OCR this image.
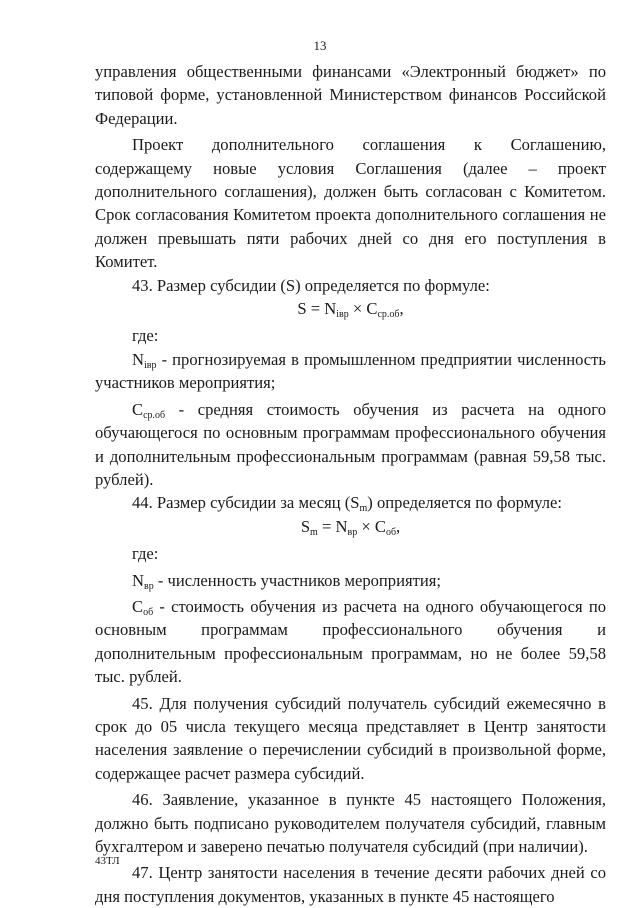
13

управления общественными финансами «Электронный бюджет» по типовой форме, установленной Министерством финансов Российской Федерации.

Проект дополнительного соглашения к Соглашению, содержащему новые условия Соглашения (далее – проект дополнительного соглашения), должен быть согласован с Комитетом. Срок согласования Комитетом проекта дополнительного соглашения не должен превышать пяти рабочих дней со дня его поступления в Комитет.

43. Размер субсидии (S) определяется по формуле:

$S = N_{iвр} \times C_{ср.об}$,

где:

$N_{iвр}$ - прогнозируемая в промышленном предприятии численность участников мероприятия;

$C_{ср.об}$ - средняя стоимость обучения из расчета на одного обучающегося по основным программам профессионального обучения и дополнительным профессиональным программам (равная 59,58 тыс. рублей).

44. Размер субсидии за месяц $(S_m)$ определяется по формуле:

$S_m = N_{вр} \times C_{об}$,

где:

$N_{вр}$ - численность участников мероприятия;

$C_{об}$ - стоимость обучения из расчета на одного обучающегося по основным программам профессионального обучения и дополнительным профессиональным программам, но не более 59,58 тыс. рублей.

45. Для получения субсидий получатель субсидий ежемесячно в срок до 05 числа текущего месяца представляет в Центр занятости населения заявление о перечислении субсидий в произвольной форме, содержащее расчет размера субсидий.

46. Заявление, указанное в пункте 45 настоящего Положения, должно быть подписано руководителем получателя субсидий, главным бухгалтером и заверено печатью получателя субсидий (при наличии).

47. Центр занятости населения в течение десяти рабочих дней со дня поступления документов, указанных в пункте 45 настоящего

43ТЛ
